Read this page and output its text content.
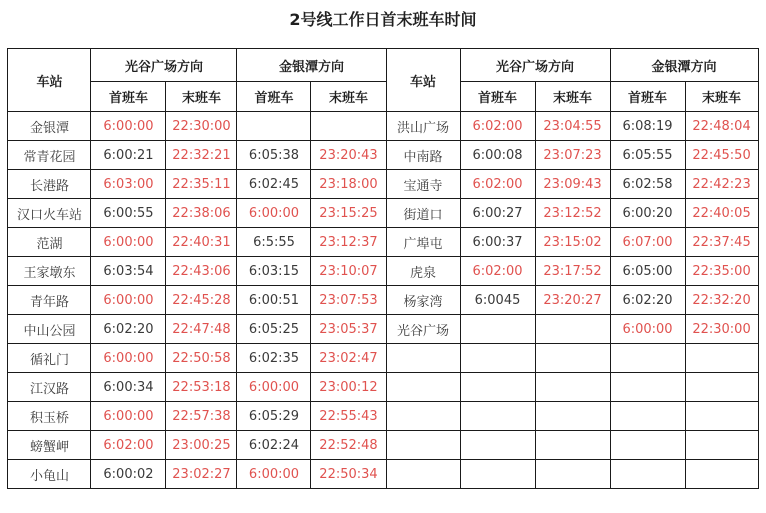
2号线工作日首末班车时间
车站	光谷广场方向		金银潭方向		车站	光谷广场方向		金银潭方向	
	首班车	末班车	首班车	末班车		首班车	末班车	首班车	末班车
金银潭	6:00:00	22:30:00			洪山广场	6:02:00	23:04:55	6:08:19	22:48:04
常青花园	6:00:21	22:32:21	6:05:38	23:20:43	中南路	6:00:08	23:07:23	6:05:55	22:45:50
长港路	6:03:00	22:35:11	6:02:45	23:18:00	宝通寺	6:02:00	23:09:43	6:02:58	22:42:23
汉口火车站	6:00:55	22:38:06	6:00:00	23:15:25	街道口	6:00:27	23:12:52	6:00:20	22:40:05
范湖	6:00:00	22:40:31	6:5:55	23:12:37	广埠屯	6:00:37	23:15:02	6:07:00	22:37:45
王家墩东	6:03:54	22:43:06	6:03:15	23:10:07	虎泉	6:02:00	23:17:52	6:05:00	22:35:00
青年路	6:00:00	22:45:28	6:00:51	23:07:53	杨家湾	6:0045	23:20:27	6:02:20	22:32:20
中山公园	6:02:20	22:47:48	6:05:25	23:05:37	光谷广场			6:00:00	22:30:00
循礼门	6:00:00	22:50:58	6:02:35	23:02:47					
江汉路	6:00:34	22:53:18	6:00:00	23:00:12					
积玉桥	6:00:00	22:57:38	6:05:29	22:55:43					
螃蟹岬	6:02:00	23:00:25	6:02:24	22:52:48					
小龟山	6:00:02	23:02:27	6:00:00	22:50:34					
